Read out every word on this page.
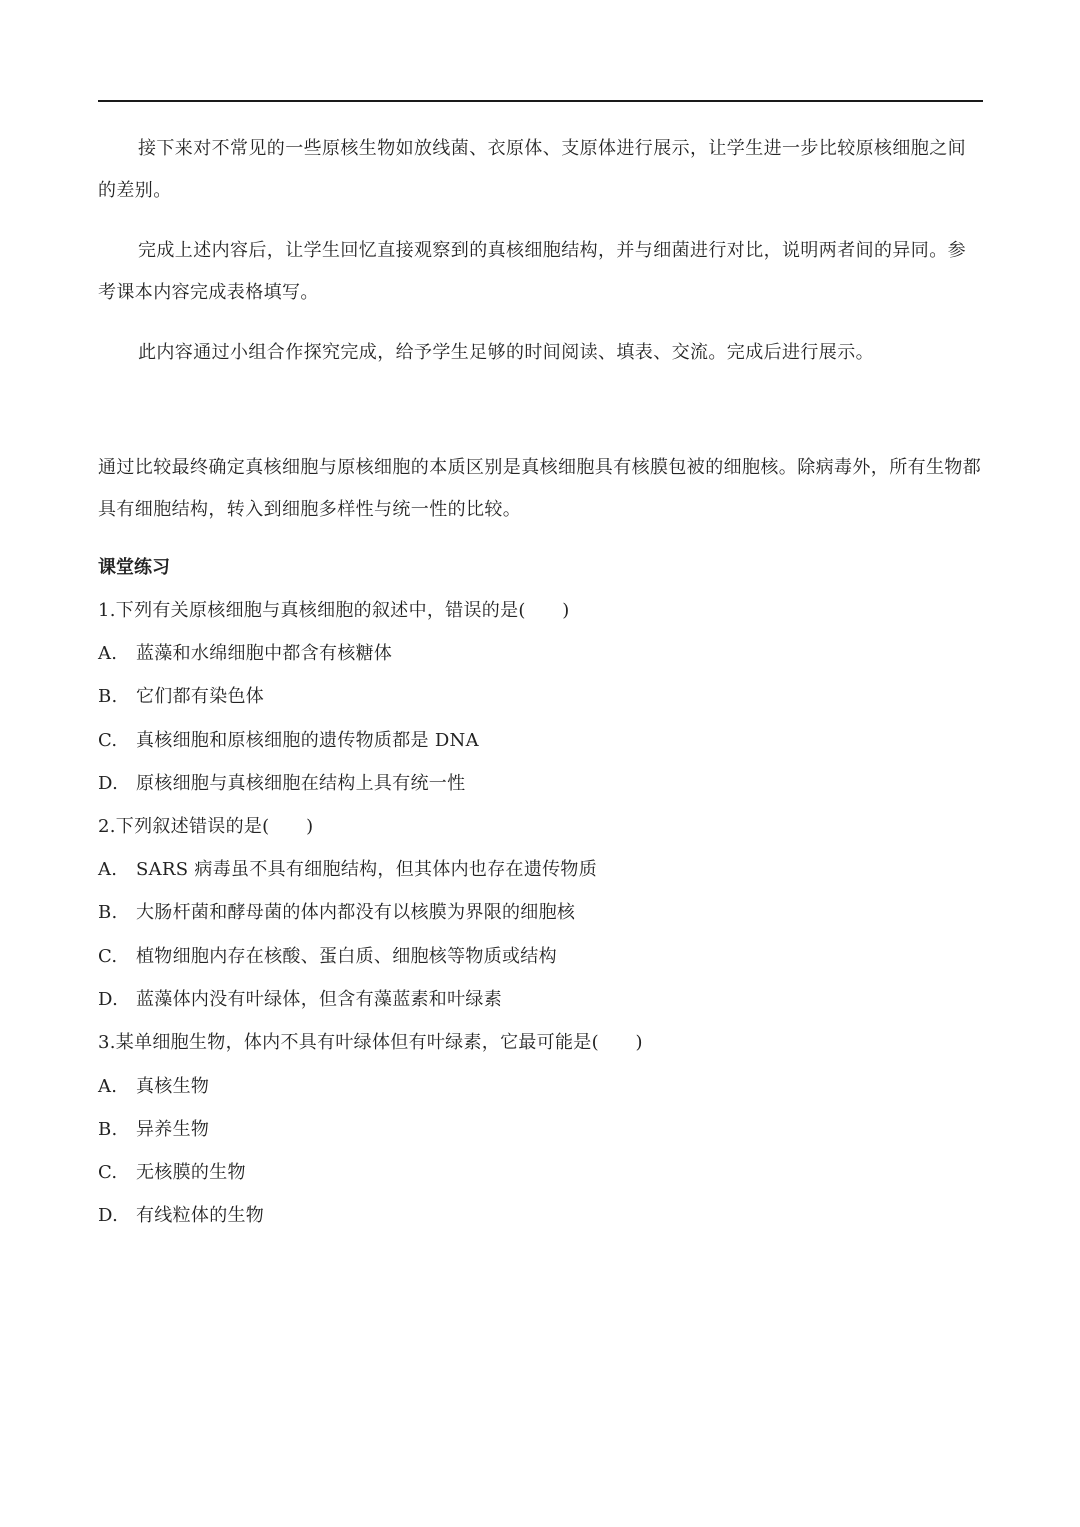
接下来对不常见的一些原核生物如放线菌、衣原体、支原体进行展示，让学生进一步比较原核细胞之间的差别。

完成上述内容后，让学生回忆直接观察到的真核细胞结构，并与细菌进行对比，说明两者间的异同。参考课本内容完成表格填写。

此内容通过小组合作探究完成，给予学生足够的时间阅读、填表、交流。完成后进行展示。

通过比较最终确定真核细胞与原核细胞的本质区别是真核细胞具有核膜包被的细胞核。除病毒外，所有生物都具有细胞结构，转入到细胞多样性与统一性的比较。

课堂练习

1.下列有关原核细胞与真核细胞的叙述中，错误的是(　　)

A. 蓝藻和水绵细胞中都含有核糖体

B. 它们都有染色体

C. 真核细胞和原核细胞的遗传物质都是 DNA

D. 原核细胞与真核细胞在结构上具有统一性

2.下列叙述错误的是(　　)

A. SARS 病毒虽不具有细胞结构，但其体内也存在遗传物质

B. 大肠杆菌和酵母菌的体内都没有以核膜为界限的细胞核

C. 植物细胞内存在核酸、蛋白质、细胞核等物质或结构

D. 蓝藻体内没有叶绿体，但含有藻蓝素和叶绿素

3.某单细胞生物，体内不具有叶绿体但有叶绿素，它最可能是(　　)

A. 真核生物

B. 异养生物

C. 无核膜的生物

D. 有线粒体的生物
